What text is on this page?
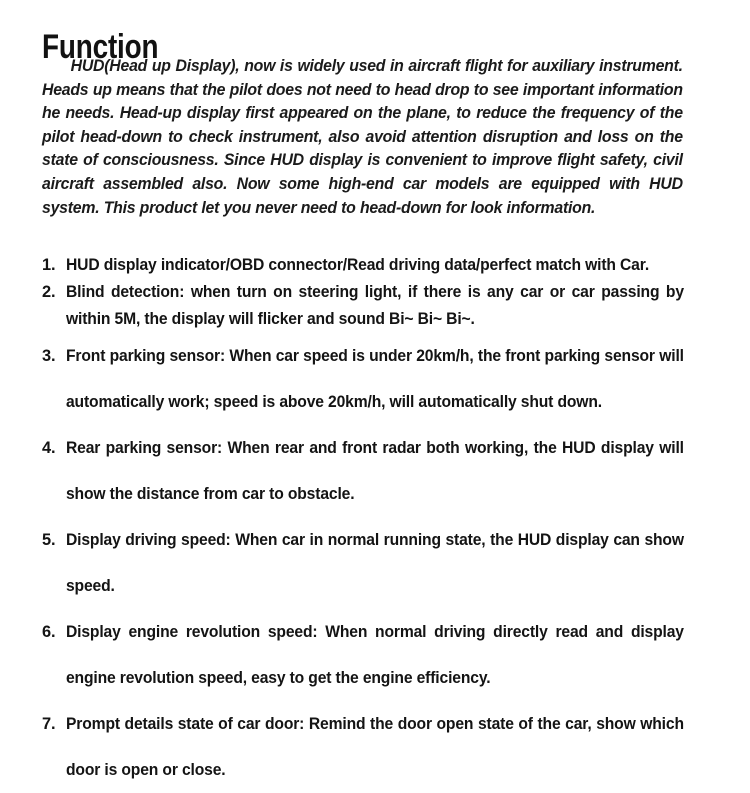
Function

HUD(Head up Display), now is widely used in aircraft flight for auxiliary instrument. Heads up means that the pilot does not need to head drop to see important information he needs. Head-up display first appeared on the plane, to reduce the frequency of the pilot head-down to check instrument, also avoid attention disruption and loss on the state of consciousness. Since HUD display is convenient to improve flight safety, civil aircraft assembled also. Now some high-end car models are equipped with HUD system. This product let you never need to head-down for look information.

1. HUD display indicator/OBD connector/Read driving data/perfect match with Car.
2. Blind detection: when turn on steering light, if there is any car or car passing by within 5M, the display will flicker and sound Bi~ Bi~ Bi~.
3. Front parking sensor: When car speed is under 20km/h, the front parking sensor will automatically work; speed is above 20km/h, will automatically shut down.
4. Rear parking sensor: When rear and front radar both working, the HUD display will show the distance from car to obstacle.
5. Display driving speed: When car in normal running state, the HUD display can show speed.
6. Display engine revolution speed: When normal driving directly read and display engine revolution speed, easy to get the engine efficiency.
7. Prompt details state of car door: Remind the door open state of the car, show which door is open or close.
